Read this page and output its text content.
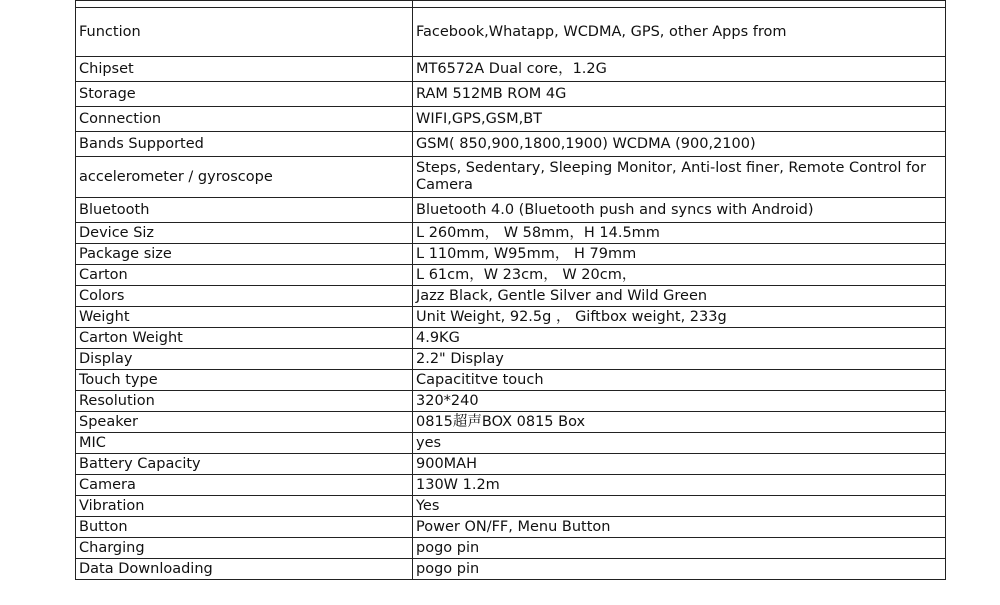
Function	Facebook,Whatapp, WCDMA, GPS, other Apps from
Chipset	MT6572A Dual core，1.2G
Storage	RAM 512MB ROM 4G
Connection	WIFI,GPS,GSM,BT
Bands Supported	GSM( 850,900,1800,1900) WCDMA (900,2100)
accelerometer / gyroscope	Steps, Sedentary, Sleeping Monitor, Anti-lost finer, Remote Control for Camera
Bluetooth	Bluetooth 4.0 (Bluetooth push and syncs with Android)
Device Siz	L 260mm， W 58mm，H 14.5mm
Package size	L 110mm, W95mm， H 79mm
Carton	L 61cm，W 23cm， W 20cm，
Colors	Jazz Black, Gentle Silver and Wild Green
Weight	Unit Weight, 92.5g ， Giftbox weight, 233g
Carton Weight	4.9KG
Display	2.2" Display
Touch type	Capacititve touch
Resolution	320*240
Speaker	0815超声BOX 0815 Box
MIC	yes
Battery Capacity	900MAH
Camera	130W 1.2m
Vibration	Yes
Button	Power ON/FF, Menu Button
Charging	pogo pin
Data Downloading	pogo pin
